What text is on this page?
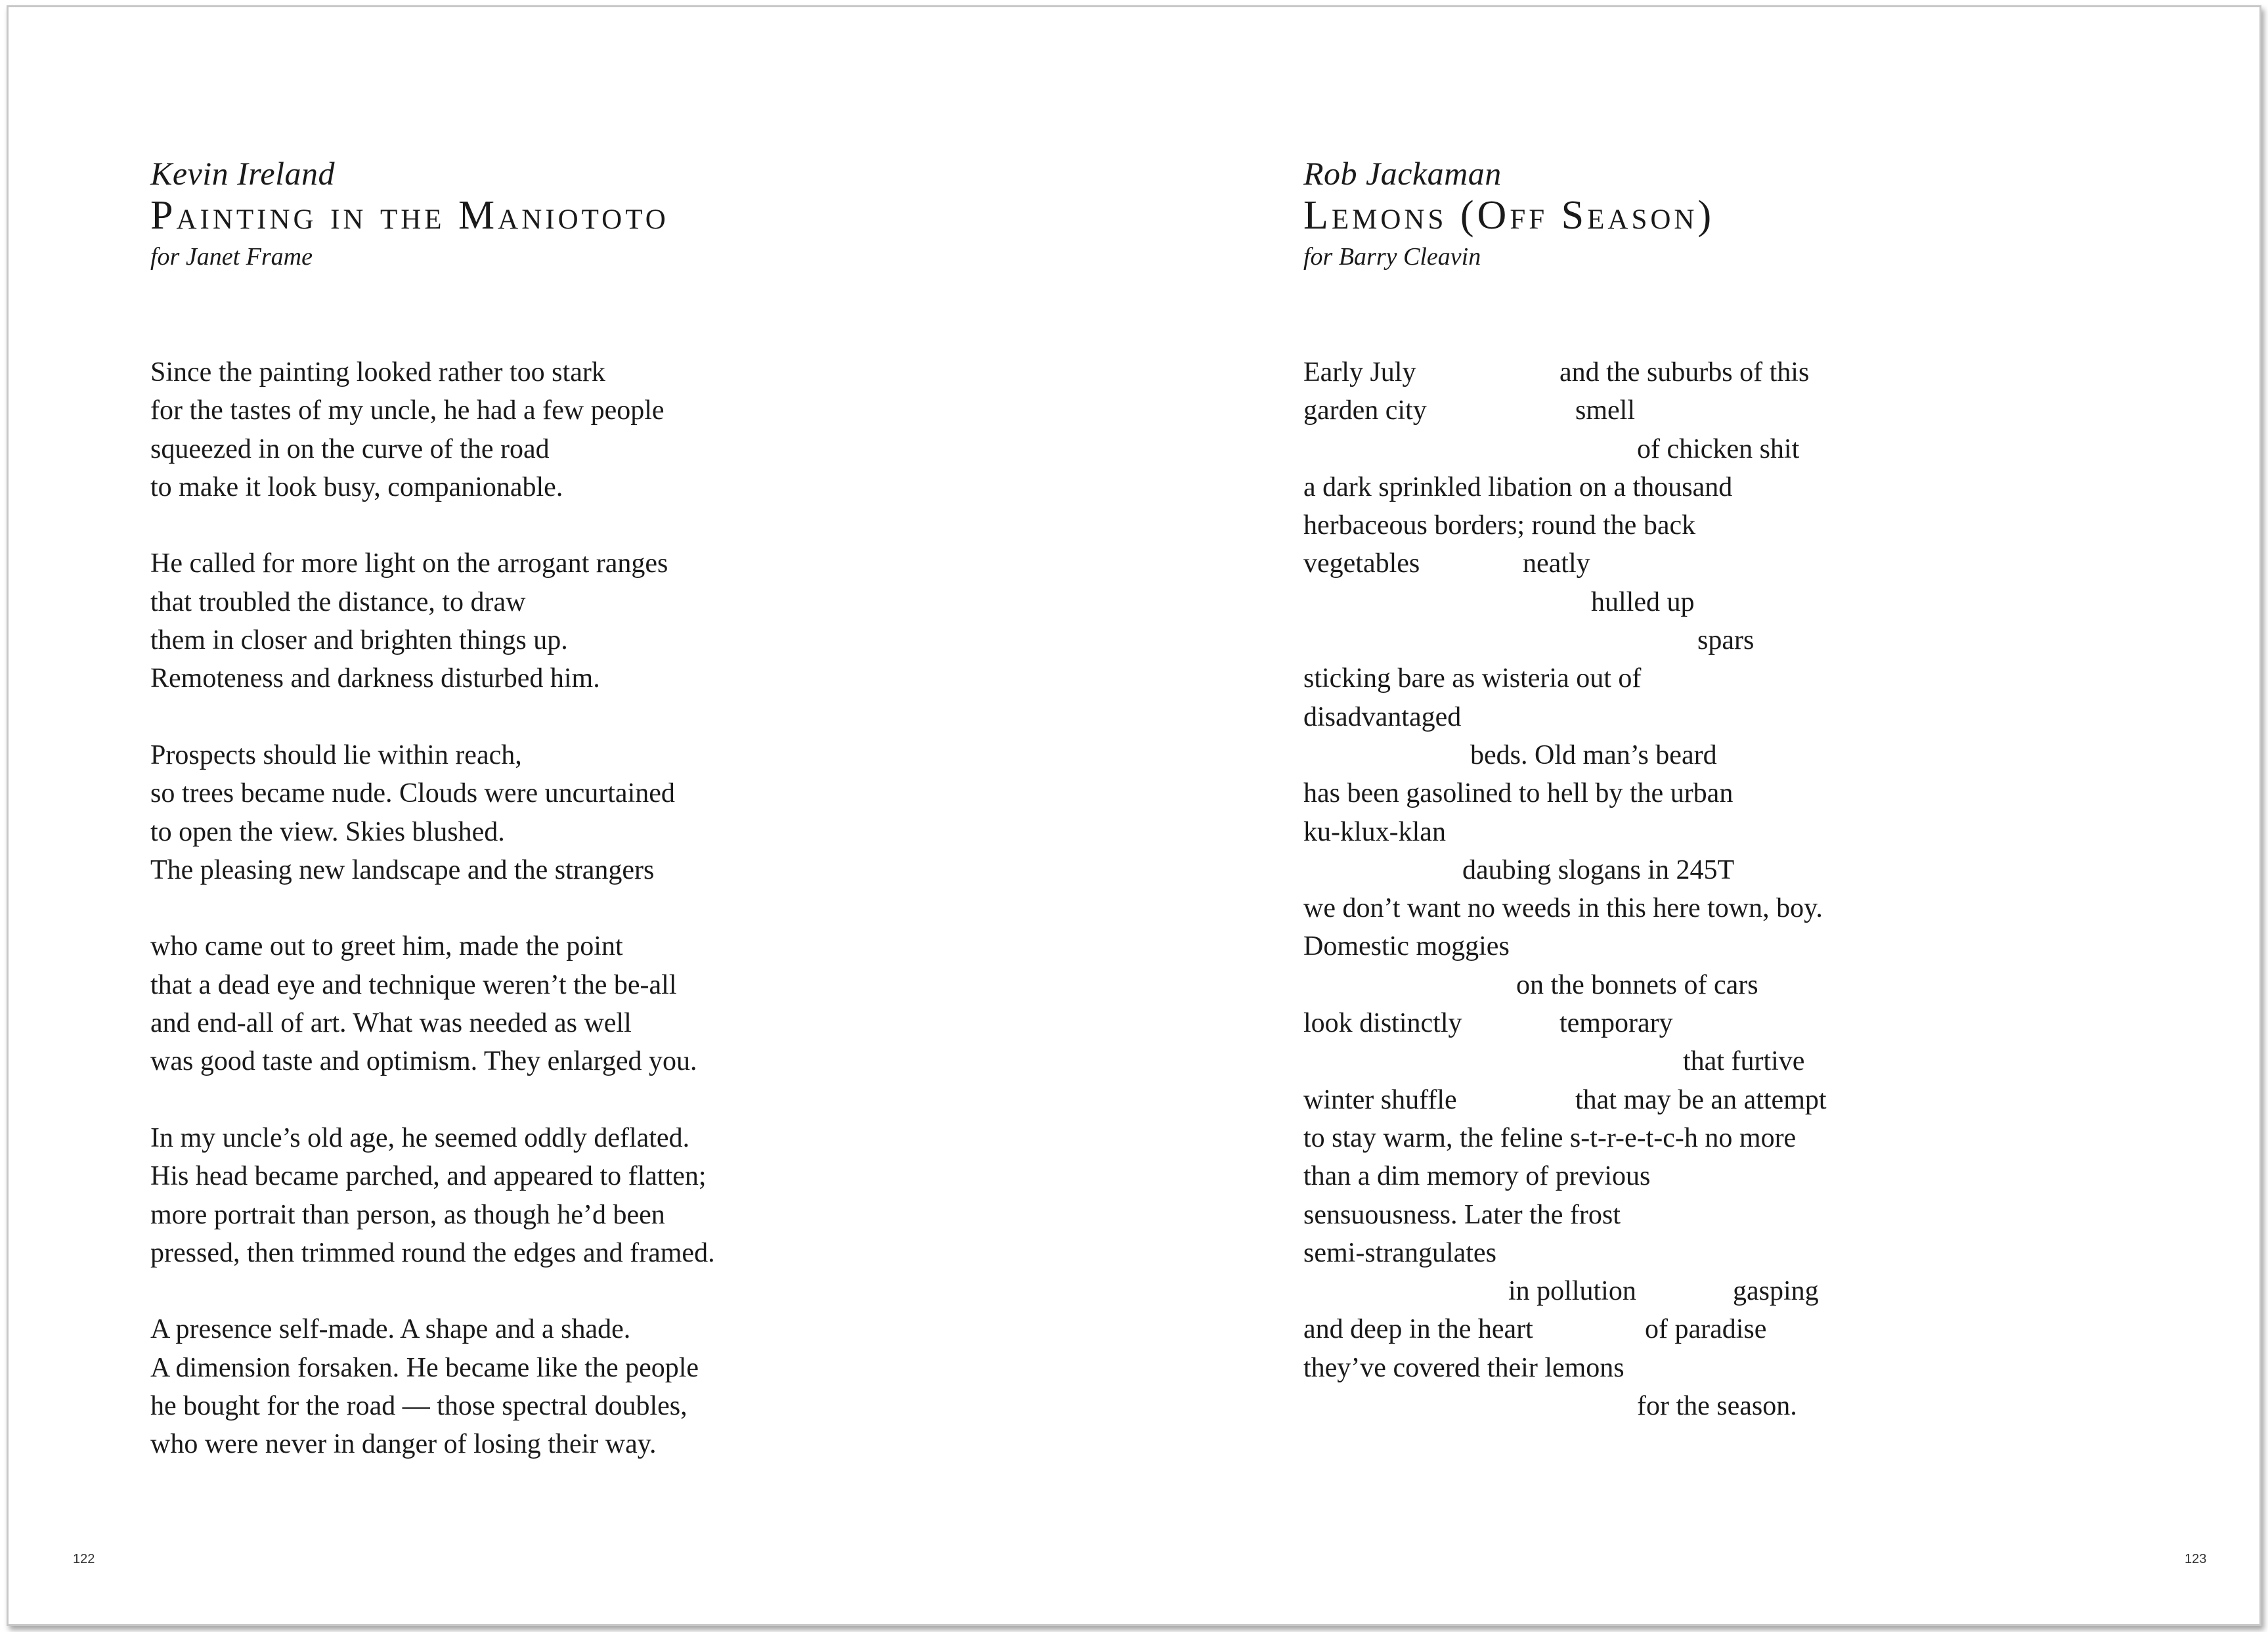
Kevin Ireland
Painting in the Maniototo
for Janet Frame
Since the painting looked rather too stark
for the tastes of my uncle, he had a few people
squeezed in on the curve of the road
to make it look busy, companionable.
He called for more light on the arrogant ranges
that troubled the distance, to draw
them in closer and brighten things up.
Remoteness and darkness disturbed him.
Prospects should lie within reach,
so trees became nude. Clouds were uncurtained
to open the view. Skies blushed.
The pleasing new landscape and the strangers
who came out to greet him, made the point
that a dead eye and technique weren’t the be-all
and end-all of art. What was needed as well
was good taste and optimism. They enlarged you.
In my uncle’s old age, he seemed oddly deflated.
His head became parched, and appeared to flatten;
more portrait than person, as though he’d been
pressed, then trimmed round the edges and framed.
A presence self-made. A shape and a shade.
A dimension forsaken. He became like the people
he bought for the road — those spectral doubles,
who were never in danger of losing their way.
122
Rob Jackaman
Lemons (Off Season)
for Barry Cleavin
Early July	and the suburbs of this
garden city	smell
of chicken shit
a dark sprinkled libation on a thousand
herbaceous borders; round the back
vegetables	neatly
hulled up
spars
sticking bare as wisteria out of
disadvantaged
beds. Old man’s beard
has been gasolined to hell by the urban
ku-klux-klan
daubing slogans in 245T
we don’t want no weeds in this here town, boy.
Domestic moggies
on the bonnets of cars
look distinctly	temporary
that furtive
winter shuffle	that may be an attempt
to stay warm, the feline s-t-r-e-t-c-h no more
than a dim memory of previous
sensuousness. Later the frost
semi-strangulates
in pollution	gasping
and deep in the heart	of paradise
they’ve covered their lemons
for the season.
123
